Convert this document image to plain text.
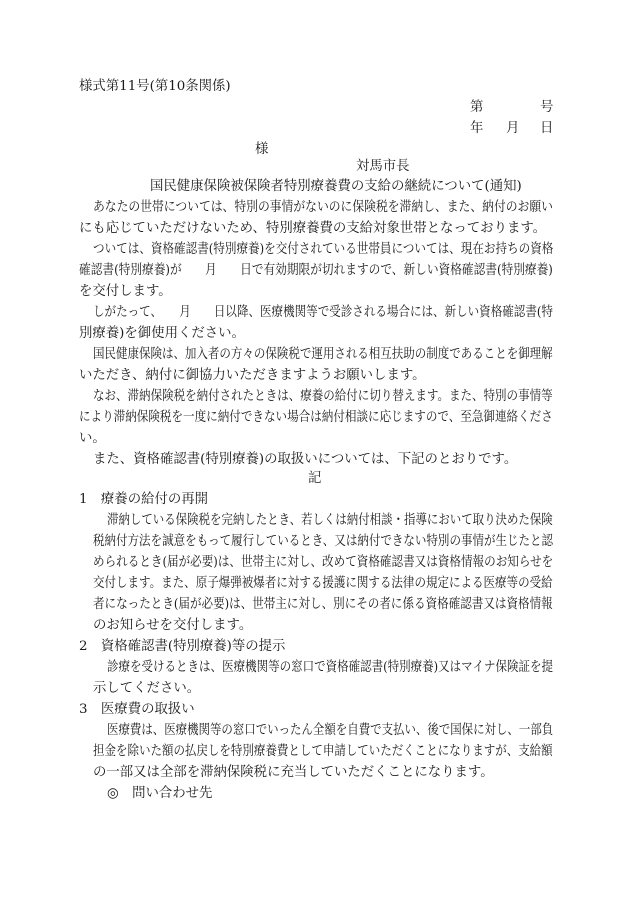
様式第11号(第10条関係)
第	号
年 月 日
様
対馬市長
国民健康保険被保険者特別療養費の支給の継続について(通知)
あなたの世帯については、特別の事情がないのに保険税を滞納し、また、納付のお願い
にも応じていただけないため、特別療養費の支給対象世帯となっております。
ついては、資格確認書(特別療養)を交付されている世帯員については、現在お持ちの資格
確認書(特別療養)が　　月　　日で有効期限が切れますので、新しい資格確認書(特別療養)
を交付します。
しがたって、　　月　　日以降、医療機関等で受診される場合には、新しい資格確認書(特
別療養)を御使用ください。
国民健康保険は、加入者の方々の保険税で運用される相互扶助の制度であることを御理解
いただき、納付に御協力いただきますようお願いします。
なお、滞納保険税を納付されたときは、療養の給付に切り替えます。また、特別の事情等
により滞納保険税を一度に納付できない場合は納付相談に応じますので、至急御連絡くださ
い。
また、資格確認書(特別療養)の取扱いについては、下記のとおりです。
記
1　療養の給付の再開
滞納している保険税を完納したとき、若しくは納付相談・指導において取り決めた保険
税納付方法を誠意をもって履行しているとき、又は納付できない特別の事情が生じたと認
められるとき(届が必要)は、世帯主に対し、改めて資格確認書又は資格情報のお知らせを
交付します。また、原子爆弾被爆者に対する援護に関する法律の規定による医療等の受給
者になったとき(届が必要)は、世帯主に対し、別にその者に係る資格確認書又は資格情報
のお知らせを交付します。
2　資格確認書(特別療養)等の提示
診療を受けるときは、医療機関等の窓口で資格確認書(特別療養)又はマイナ保険証を提
示してください。
3　医療費の取扱い
医療費は、医療機関等の窓口でいったん全額を自費で支払い、後で国保に対し、一部負
担金を除いた額の払戻しを特別療養費として申請していただくことになりますが、支給額
の一部又は全部を滞納保険税に充当していただくことになります。
◎　問い合わせ先
